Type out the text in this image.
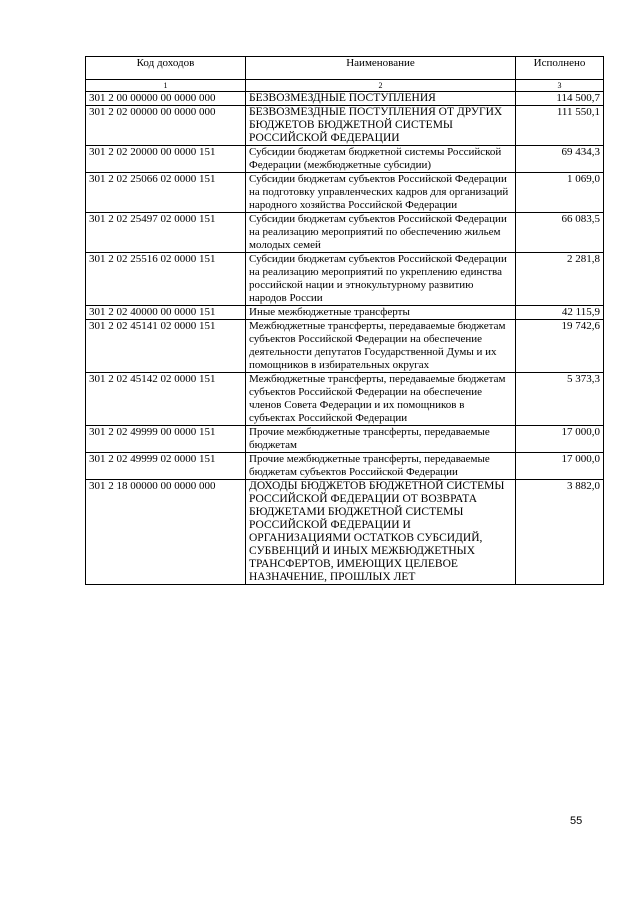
Код доходов	Наименование	Исполнено
1	2	3
301 2 00 00000 00 0000 000	БЕЗВОЗМЕЗДНЫЕ ПОСТУПЛЕНИЯ	114 500,7
301 2 02 00000 00 0000 000	БЕЗВОЗМЕЗДНЫЕ ПОСТУПЛЕНИЯ ОТ ДРУГИХ БЮДЖЕТОВ БЮДЖЕТНОЙ СИСТЕМЫ РОССИЙСКОЙ ФЕДЕРАЦИИ	111 550,1
301 2 02 20000 00 0000 151	Субсидии бюджетам бюджетной системы Российской Федерации (межбюджетные субсидии)	69 434,3
301 2 02 25066 02 0000 151	Субсидии бюджетам субъектов Российской Федерации на подготовку управленческих кадров для организаций народного хозяйства Российской Федерации	1 069,0
301 2 02 25497 02 0000 151	Субсидии бюджетам субъектов Российской Федерации на реализацию мероприятий по обеспечению жильем молодых семей	66 083,5
301 2 02 25516 02 0000 151	Субсидии бюджетам субъектов Российской Федерации на реализацию мероприятий по укреплению единства российской нации и этнокультурному развитию народов России	2 281,8
301 2 02 40000 00 0000 151	Иные межбюджетные трансферты	42 115,9
301 2 02 45141 02 0000 151	Межбюджетные трансферты, передаваемые бюджетам субъектов Российской Федерации на обеспечение деятельности депутатов Государственной Думы и их помощников в избирательных округах	19 742,6
301 2 02 45142 02 0000 151	Межбюджетные трансферты, передаваемые бюджетам субъектов Российской Федерации на обеспечение членов Совета Федерации и их помощников в субъектах Российской Федерации	5 373,3
301 2 02 49999 00 0000 151	Прочие межбюджетные трансферты, передаваемые бюджетам	17 000,0
301 2 02 49999 02 0000 151	Прочие межбюджетные трансферты, передаваемые бюджетам субъектов Российской Федерации	17 000,0
301 2 18 00000 00 0000 000	ДОХОДЫ БЮДЖЕТОВ БЮДЖЕТНОЙ СИСТЕМЫ РОССИЙСКОЙ ФЕДЕРАЦИИ ОТ ВОЗВРАТА БЮДЖЕТАМИ БЮДЖЕТНОЙ СИСТЕМЫ РОССИЙСКОЙ ФЕДЕРАЦИИ И ОРГАНИЗАЦИЯМИ ОСТАТКОВ СУБСИДИЙ, СУБВЕНЦИЙ И ИНЫХ МЕЖБЮДЖЕТНЫХ ТРАНСФЕРТОВ, ИМЕЮЩИХ ЦЕЛЕВОЕ НАЗНАЧЕНИЕ, ПРОШЛЫХ ЛЕТ	3 882,0
55
